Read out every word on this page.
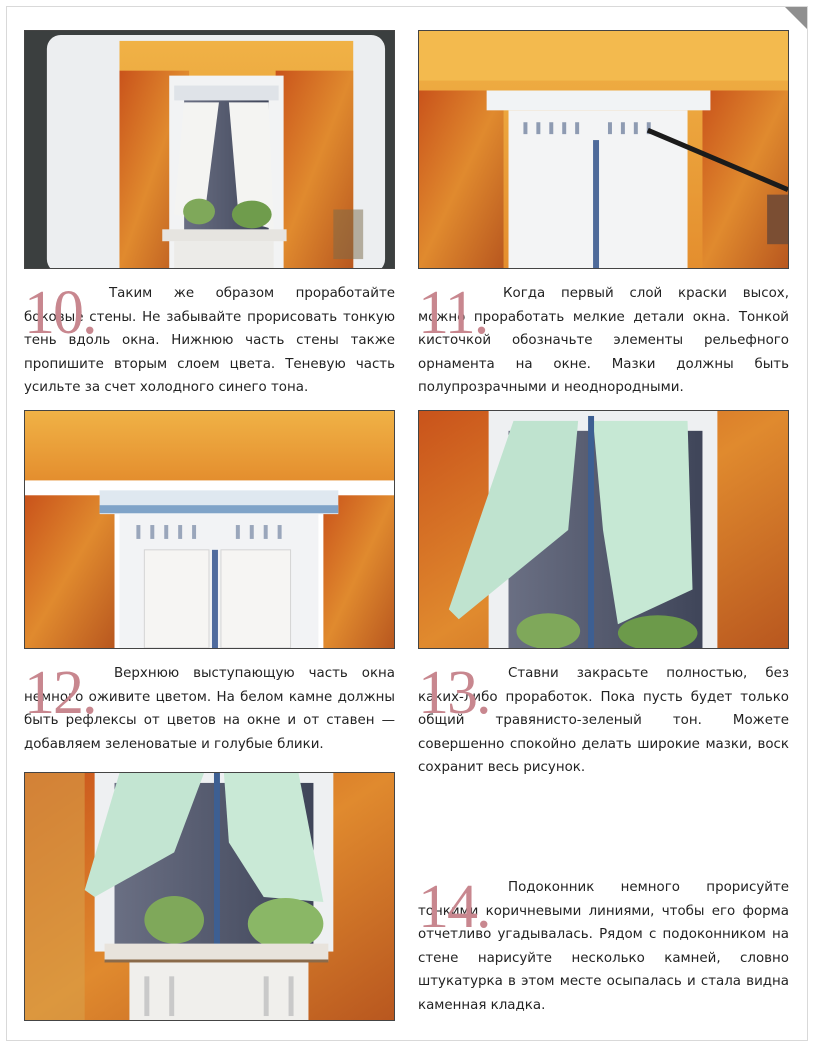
10.	Таким же образом проработайте боковые стены. Не забывайте прорисовать тонкую тень вдоль окна. Нижнюю часть стены также пропишите вторым слоем цвета. Теневую часть усильте за счет холодного синего тона.

11.	Когда первый слой краски высох, можно проработать мелкие детали окна. Тонкой кисточкой обозначьте элементы рельефного орнамента на окне. Мазки должны быть полупрозрачными и неоднородными.

12.	Верхнюю выступающую часть окна немного оживите цветом. На белом камне должны быть рефлексы от цветов на окне и от ставен — добавляем зеленоватые и голубые блики.

13.	Ставни закрасьте полностью, без каких-либо проработок. Пока пусть будет только общий травянисто-зеленый тон. Можете совершенно спокойно делать широкие мазки, воск сохранит весь рисунок.

14.	Подоконник немного прорисуйте тонкими коричневыми линиями, чтобы его форма отчетливо угадывалась. Рядом с подоконником на стене нарисуйте несколько камней, словно штукатурка в этом месте осыпалась и стала видна каменная кладка.
